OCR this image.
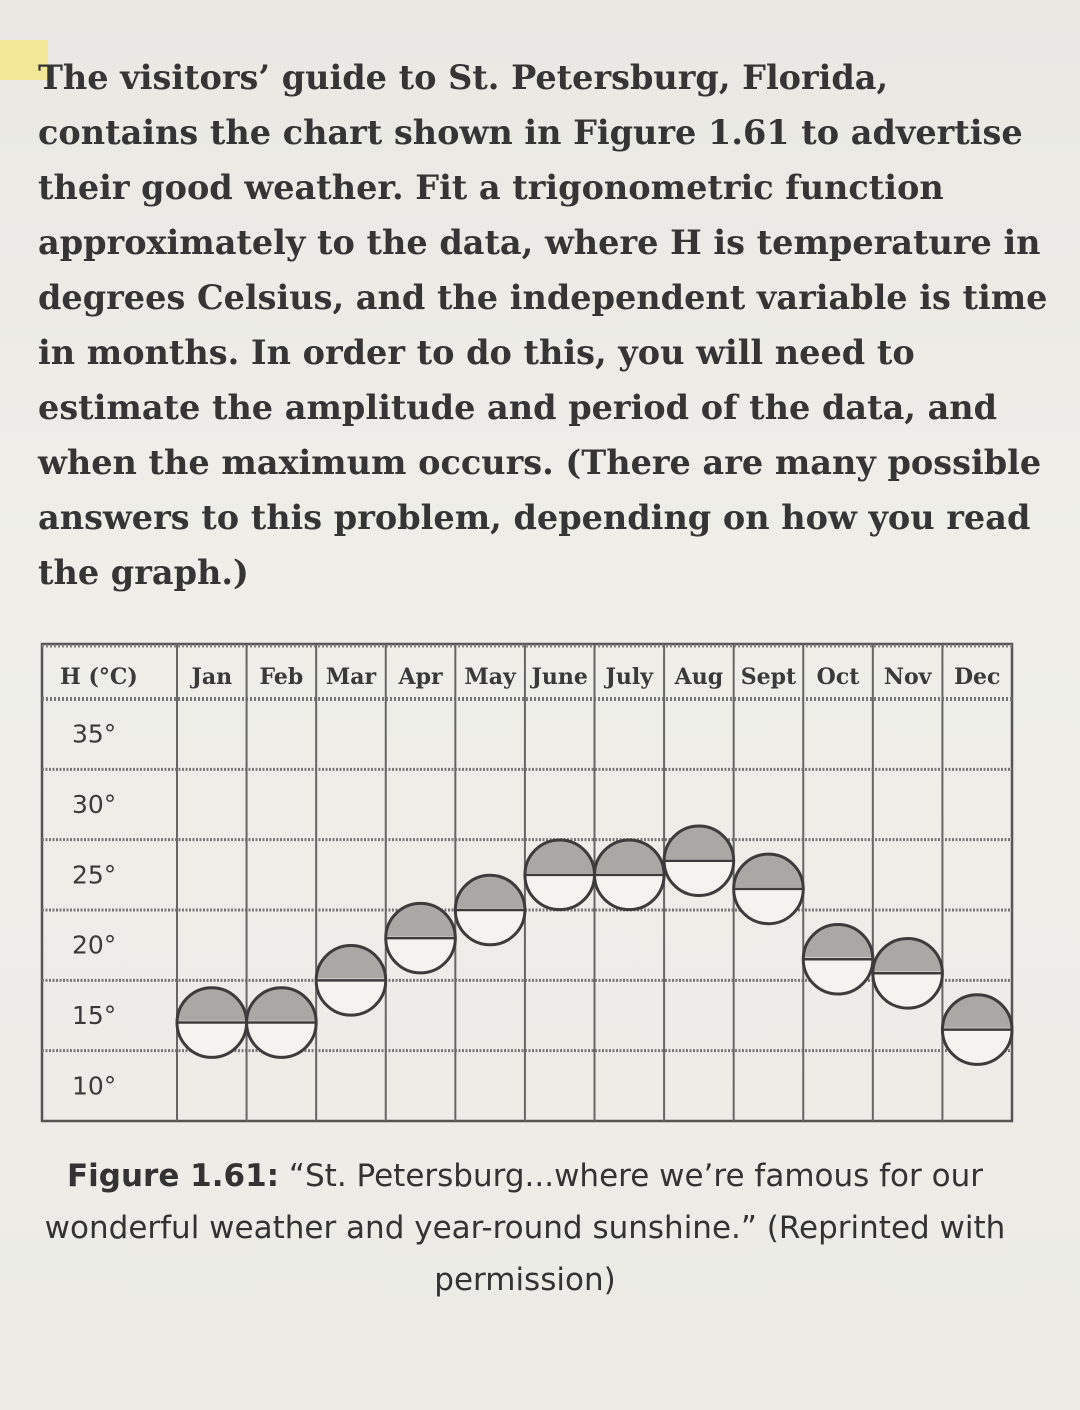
The visitors’ guide to St. Petersburg, Florida, contains the chart shown in Figure 1.61 to advertise their good weather. Fit a trigonometric function approximately to the data, where H is temperature in degrees Celsius, and the independent variable is time in months. In order to do this, you will need to estimate the amplitude and period of the data, and when the maximum occurs. (There are many possible answers to this problem, depending on how you read the graph.)

H (°C) Jan Feb Mar Apr May June July Aug Sept Oct Nov Dec
35°
30°
25°
20°
15°
10°

Figure 1.61: “St. Petersburg...where we’re famous for our wonderful weather and year-round sunshine.” (Reprinted with permission)
